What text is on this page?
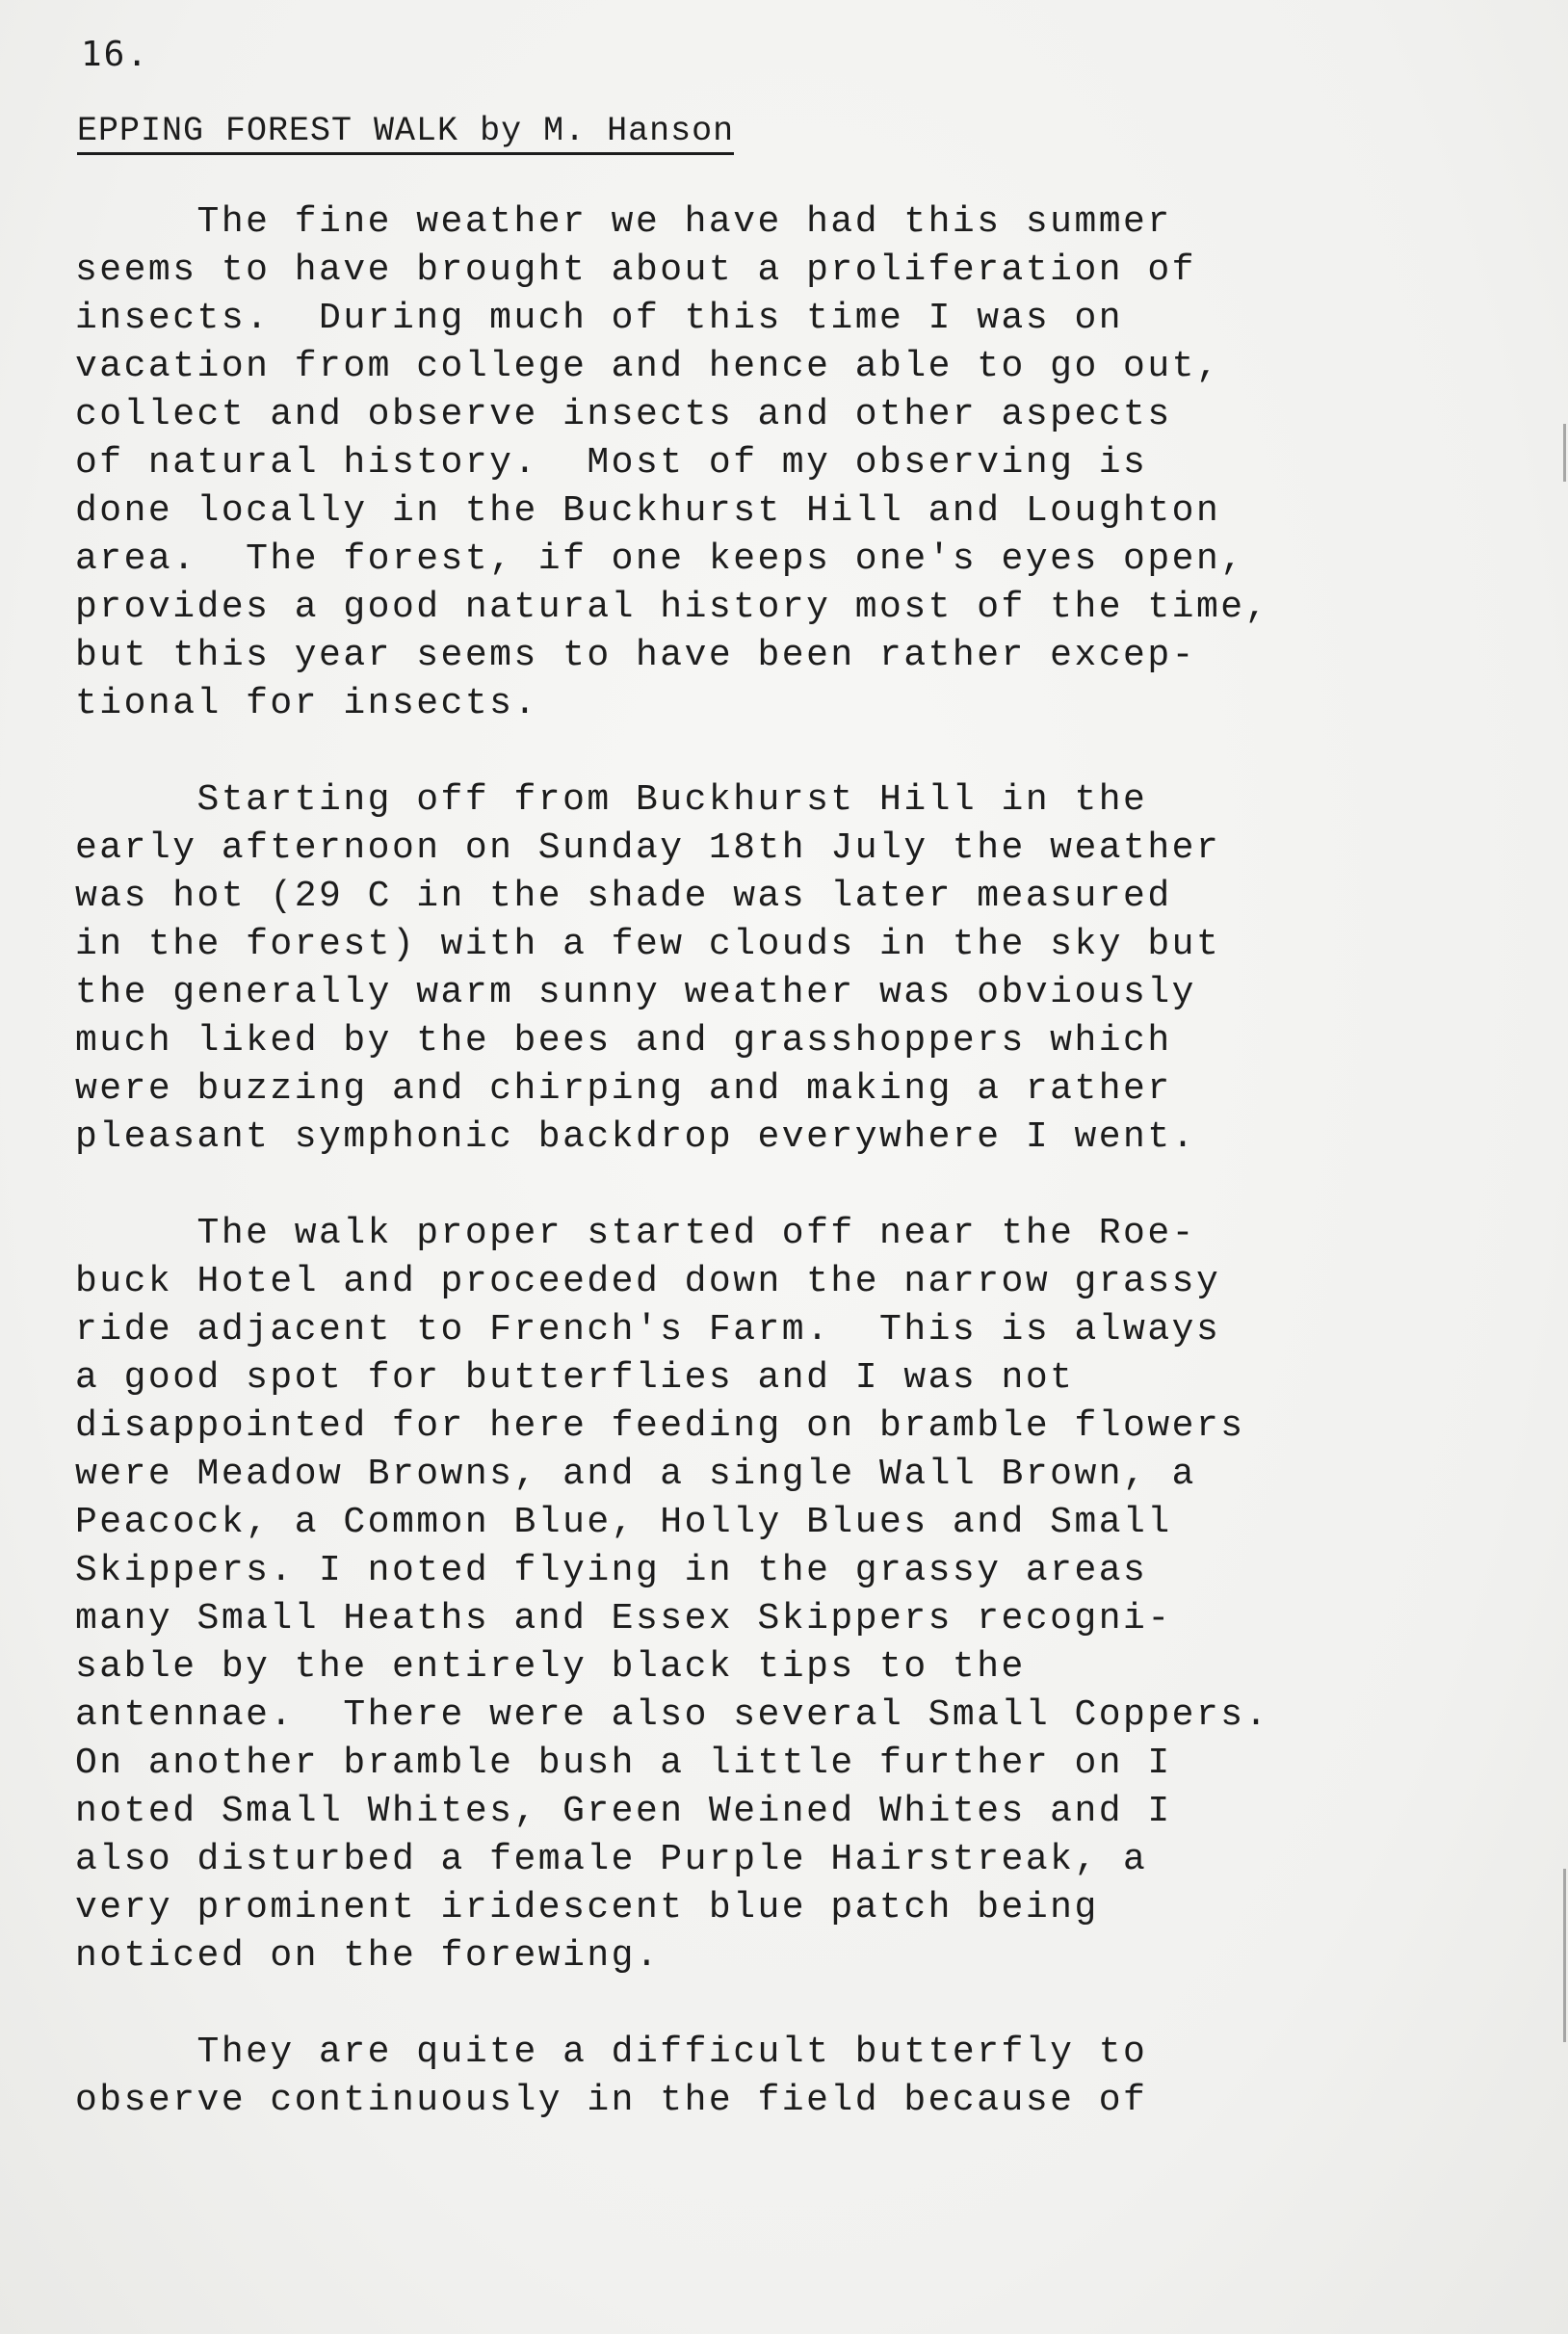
16.
EPPING FOREST WALK by M. Hanson
The fine weather we have had this summer
seems to have brought about a proliferation of
insects.  During much of this time I was on
vacation from college and hence able to go out,
collect and observe insects and other aspects
of natural history.  Most of my observing is
done locally in the Buckhurst Hill and Loughton
area.  The forest, if one keeps one's eyes open,
provides a good natural history most of the time,
but this year seems to have been rather excep-
tional for insects.
Starting off from Buckhurst Hill in the
early afternoon on Sunday 18th July the weather
was hot (29 C in the shade was later measured
in the forest) with a few clouds in the sky but
the generally warm sunny weather was obviously
much liked by the bees and grasshoppers which
were buzzing and chirping and making a rather
pleasant symphonic backdrop everywhere I went.
The walk proper started off near the Roe-
buck Hotel and proceeded down the narrow grassy
ride adjacent to French's Farm.  This is always
a good spot for butterflies and I was not
disappointed for here feeding on bramble flowers
were Meadow Browns, and a single Wall Brown, a
Peacock, a Common Blue, Holly Blues and Small
Skippers. I noted flying in the grassy areas
many Small Heaths and Essex Skippers recogni-
sable by the entirely black tips to the
antennae.  There were also several Small Coppers.
On another bramble bush a little further on I
noted Small Whites, Green Weined Whites and I
also disturbed a female Purple Hairstreak, a
very prominent iridescent blue patch being
noticed on the forewing.
They are quite a difficult butterfly to
observe continuously in the field because of
